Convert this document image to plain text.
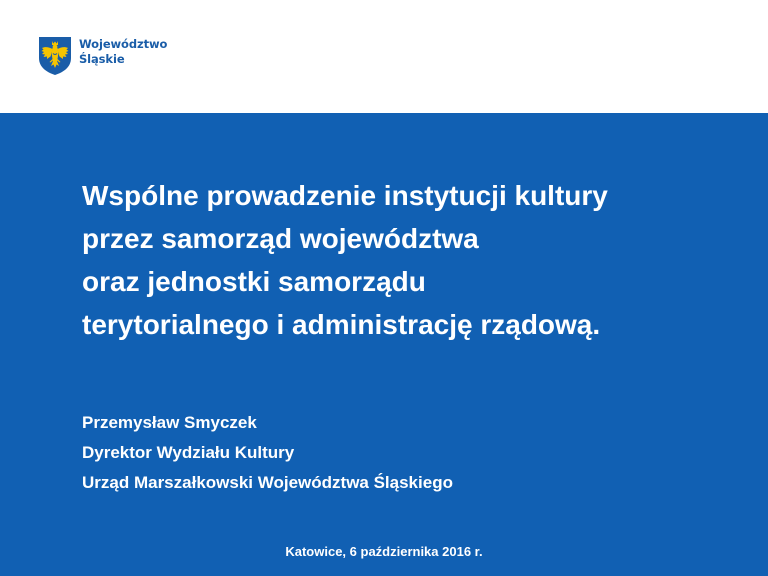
Województwo
Śląskie
Wspólne prowadzenie instytucji kultury
przez samorząd województwa
oraz jednostki samorządu
terytorialnego i administrację rządową.
Przemysław Smyczek
Dyrektor Wydziału Kultury
Urząd Marszałkowski Województwa Śląskiego
Katowice, 6 października 2016 r.
